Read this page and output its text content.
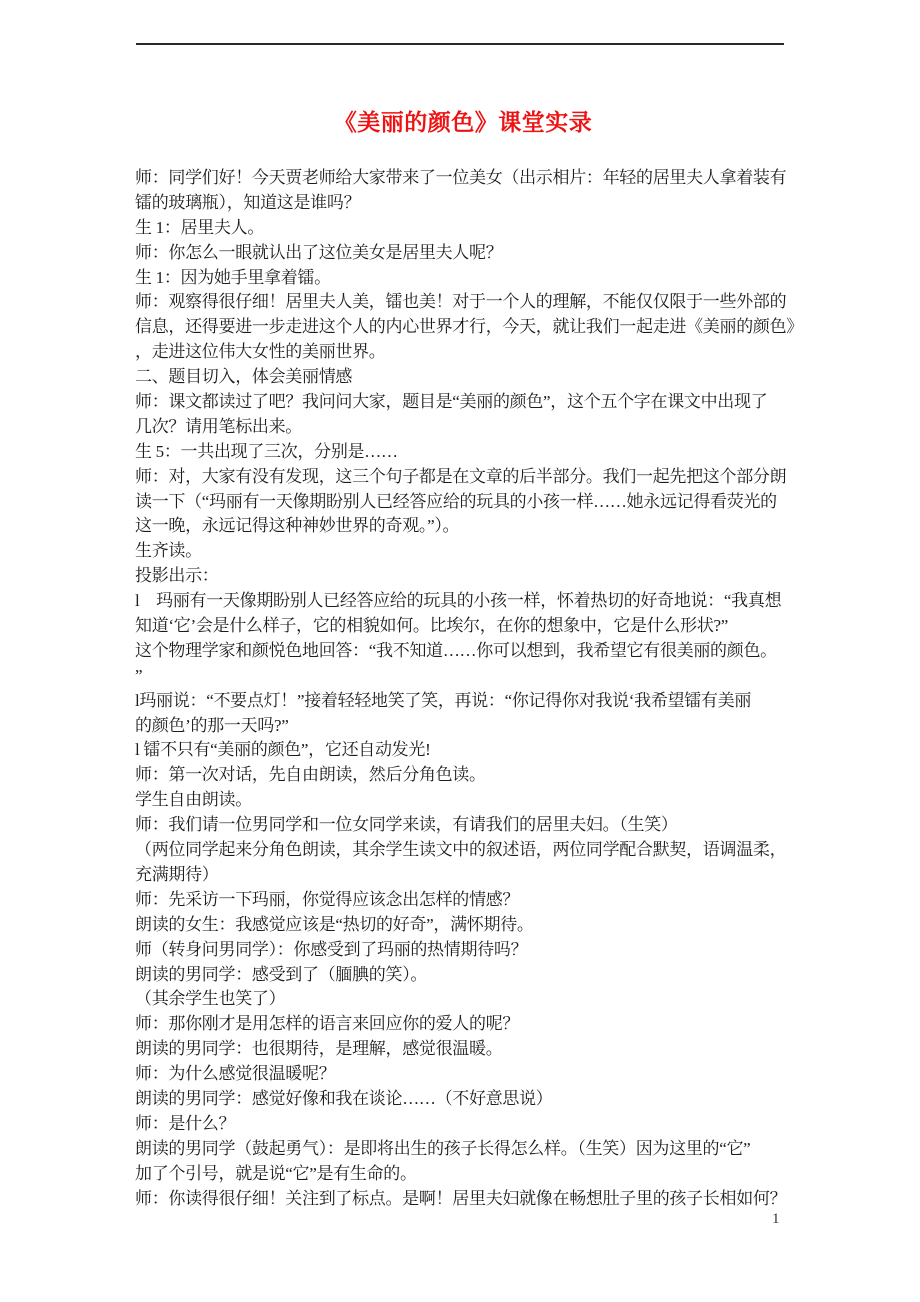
《美丽的颜色》课堂实录
师：同学们好！今天贾老师给大家带来了一位美女（出示相片：年轻的居里夫人拿着装有
镭的玻璃瓶），知道这是谁吗？
生 1：居里夫人。
师：你怎么一眼就认出了这位美女是居里夫人呢？
生 1：因为她手里拿着镭。
师：观察得很仔细！居里夫人美，镭也美！对于一个人的理解，不能仅仅限于一些外部的
信息，还得要进一步走进这个人的内心世界才行，今天，就让我们一起走进《美丽的颜色》
，走进这位伟大女性的美丽世界。
二、题目切入，体会美丽情感
师：课文都读过了吧？我问问大家，题目是“美丽的颜色”，这个五个字在课文中出现了
几次？请用笔标出来。
生 5：一共出现了三次，分别是……
师：对，大家有没有发现，这三个句子都是在文章的后半部分。我们一起先把这个部分朗
读一下（“玛丽有一天像期盼别人已经答应给的玩具的小孩一样……她永远记得看荧光的
这一晚，永远记得这种神妙世界的奇观。”）。
生齐读。
投影出示：
l　玛丽有一天像期盼别人已经答应给的玩具的小孩一样，怀着热切的好奇地说：“我真想
知道‘它’会是什么样子，它的相貌如何。比埃尔，在你的想象中，它是什么形状?”
这个物理学家和颜悦色地回答：“我不知道……你可以想到，我希望它有很美丽的颜色。
”
l玛丽说：“不要点灯！”接着轻轻地笑了笑，再说：“你记得你对我说‘我希望镭有美丽
的颜色’的那一天吗?”
l 镭不只有“美丽的颜色”，它还自动发光!
师：第一次对话，先自由朗读，然后分角色读。
学生自由朗读。
师：我们请一位男同学和一位女同学来读，有请我们的居里夫妇。（生笑）
（两位同学起来分角色朗读，其余学生读文中的叙述语，两位同学配合默契，语调温柔，
充满期待）
师：先采访一下玛丽，你觉得应该念出怎样的情感？
朗读的女生：我感觉应该是“热切的好奇”，满怀期待。
师（转身问男同学）：你感受到了玛丽的热情期待吗？
朗读的男同学：感受到了（腼腆的笑）。
（其余学生也笑了）
师：那你刚才是用怎样的语言来回应你的爱人的呢？
朗读的男同学：也很期待，是理解，感觉很温暖。
师：为什么感觉很温暖呢？
朗读的男同学：感觉好像和我在谈论……（不好意思说）
师：是什么？
朗读的男同学（鼓起勇气）：是即将出生的孩子长得怎么样。（生笑）因为这里的“它”
加了个引号，就是说“它”是有生命的。
师：你读得很仔细！关注到了标点。是啊！居里夫妇就像在畅想肚子里的孩子长相如何？
1
